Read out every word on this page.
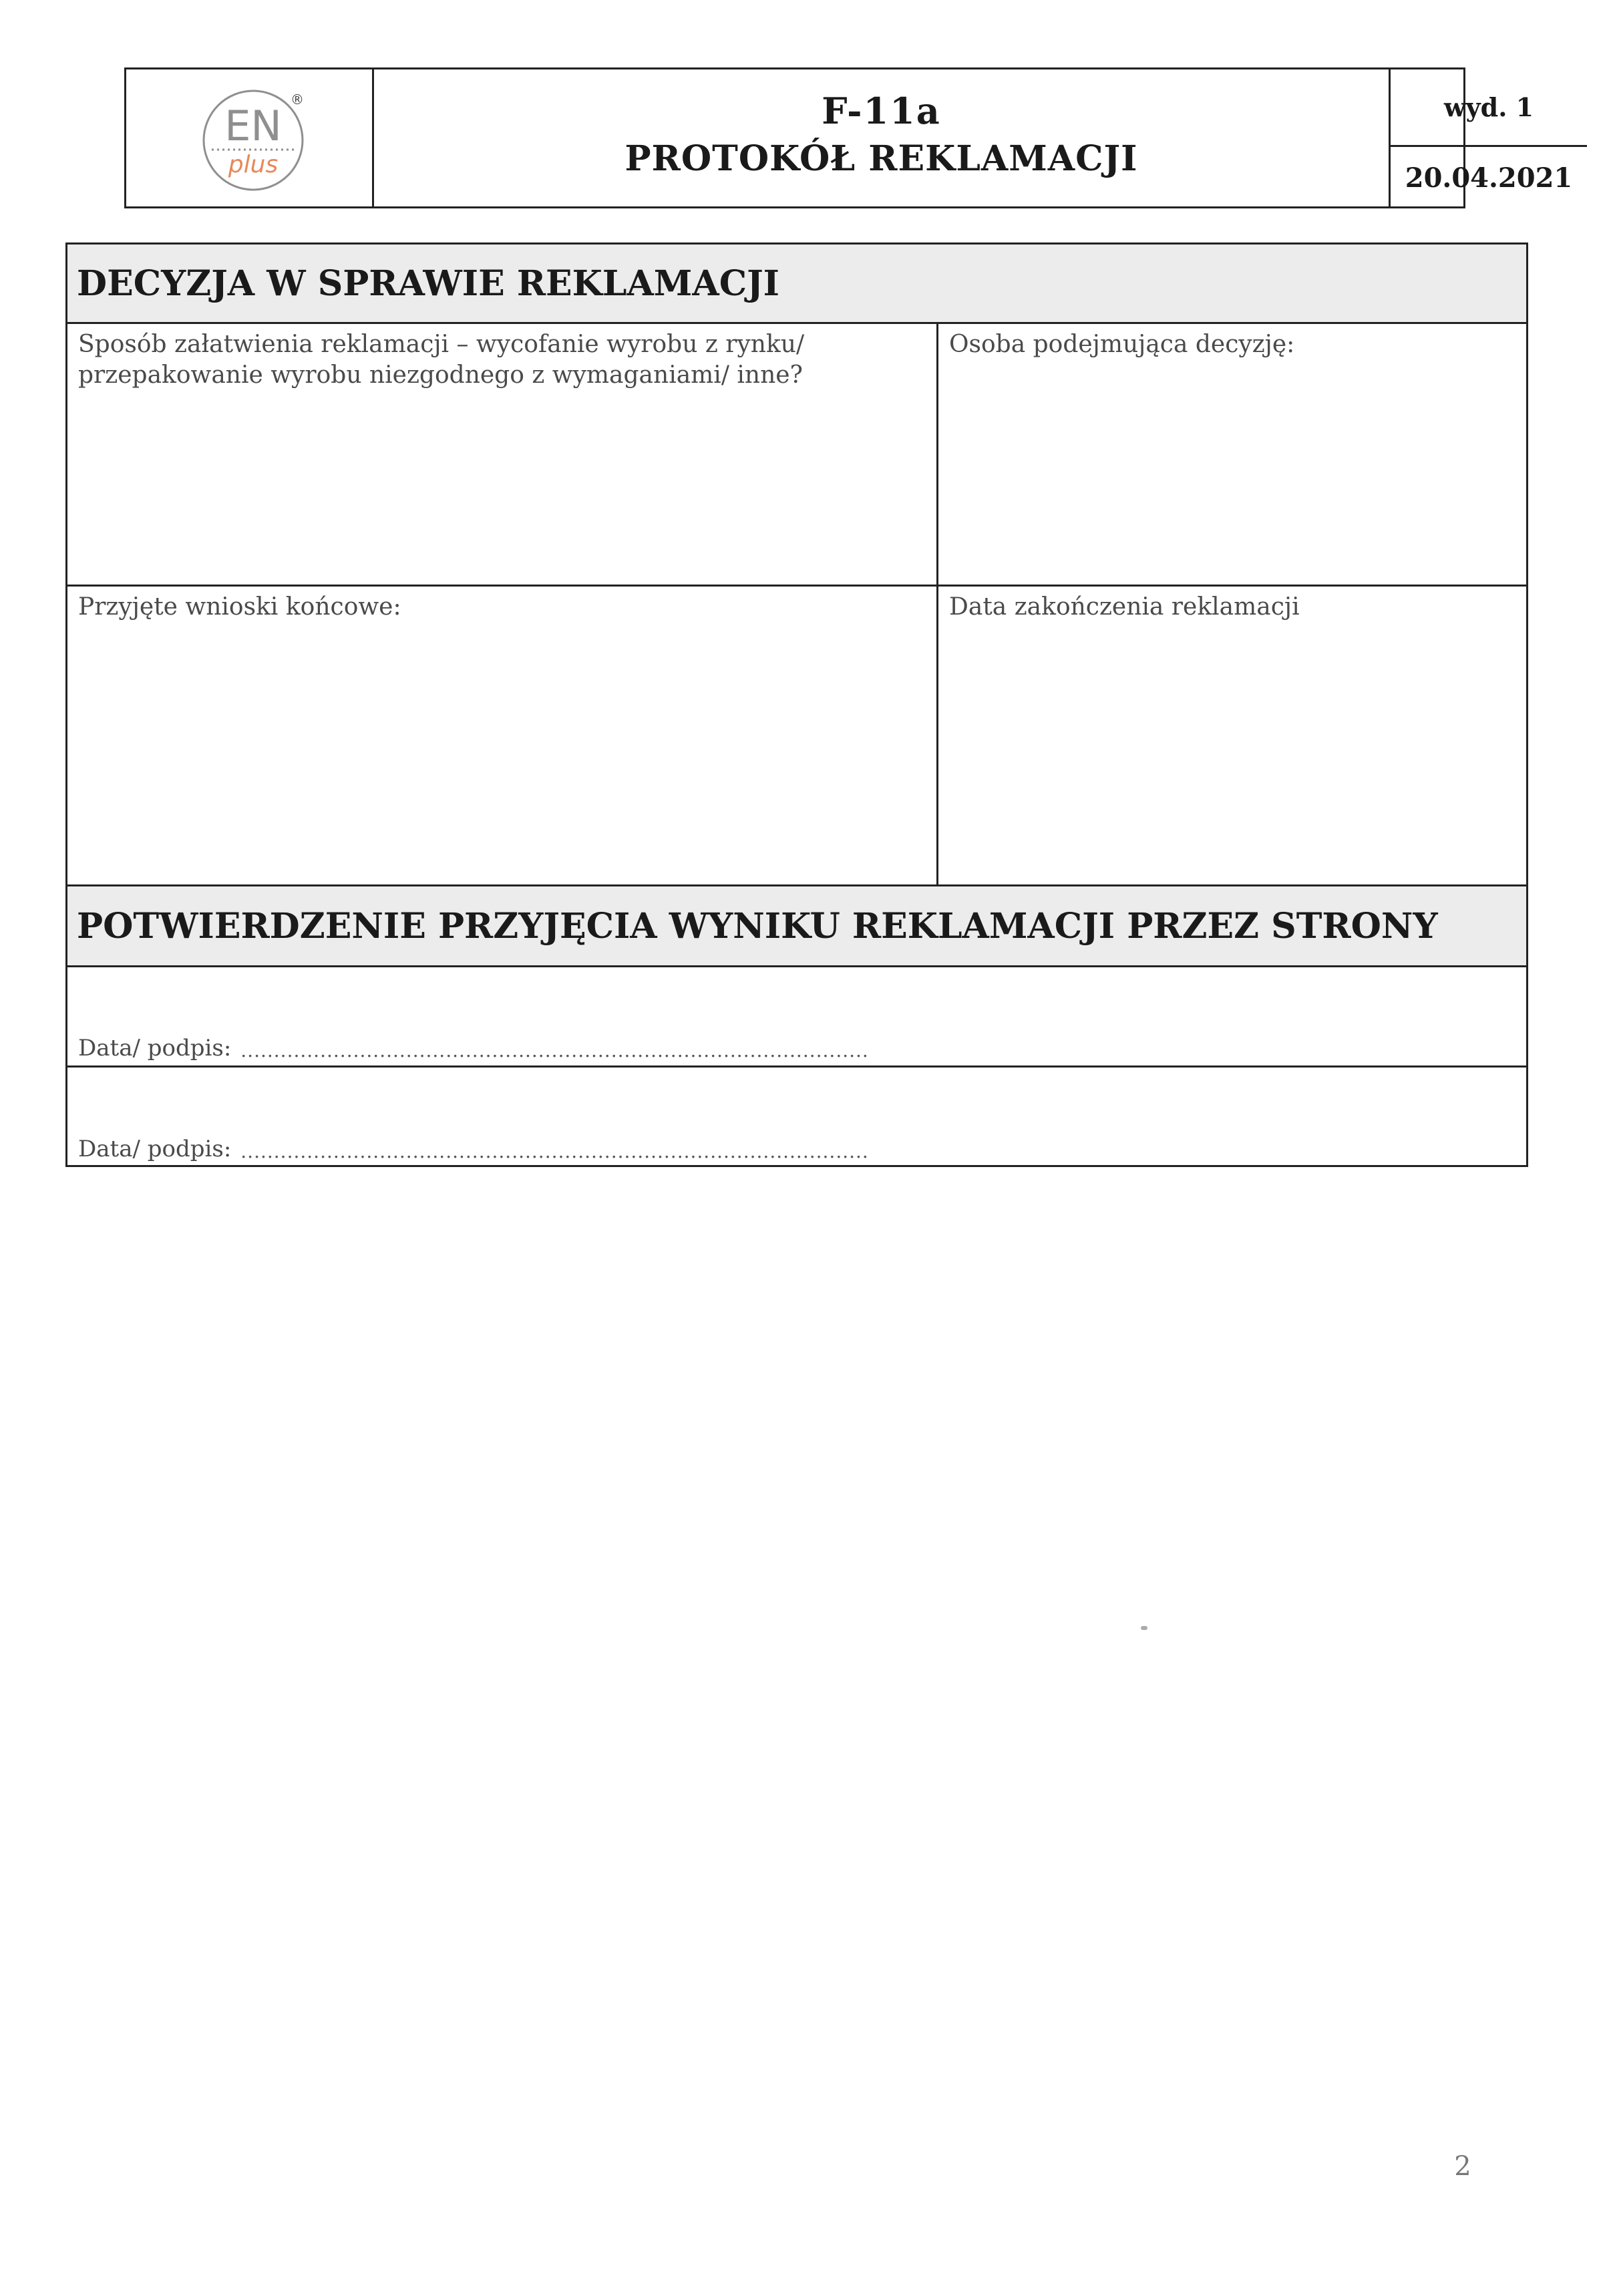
EN
plus
®	F-11a
PROTOKÓŁ REKLAMACJI
wyd. 1
20.04.2021
DECYZJA W SPRAWIE REKLAMACJI
Sposób załatwienia reklamacji – wycofanie wyrobu z rynku/ przepakowanie wyrobu niezgodnego z wymaganiami/ inne?
Osoba podejmująca decyzję:
Przyjęte wnioski końcowe:	Data zakończenia reklamacji
POTWIERDZENIE PRZYJĘCIA WYNIKU REKLAMACJI PRZEZ STRONY
Data/ podpis: ...............................................................................................
Data/ podpis: ...............................................................................................
2
